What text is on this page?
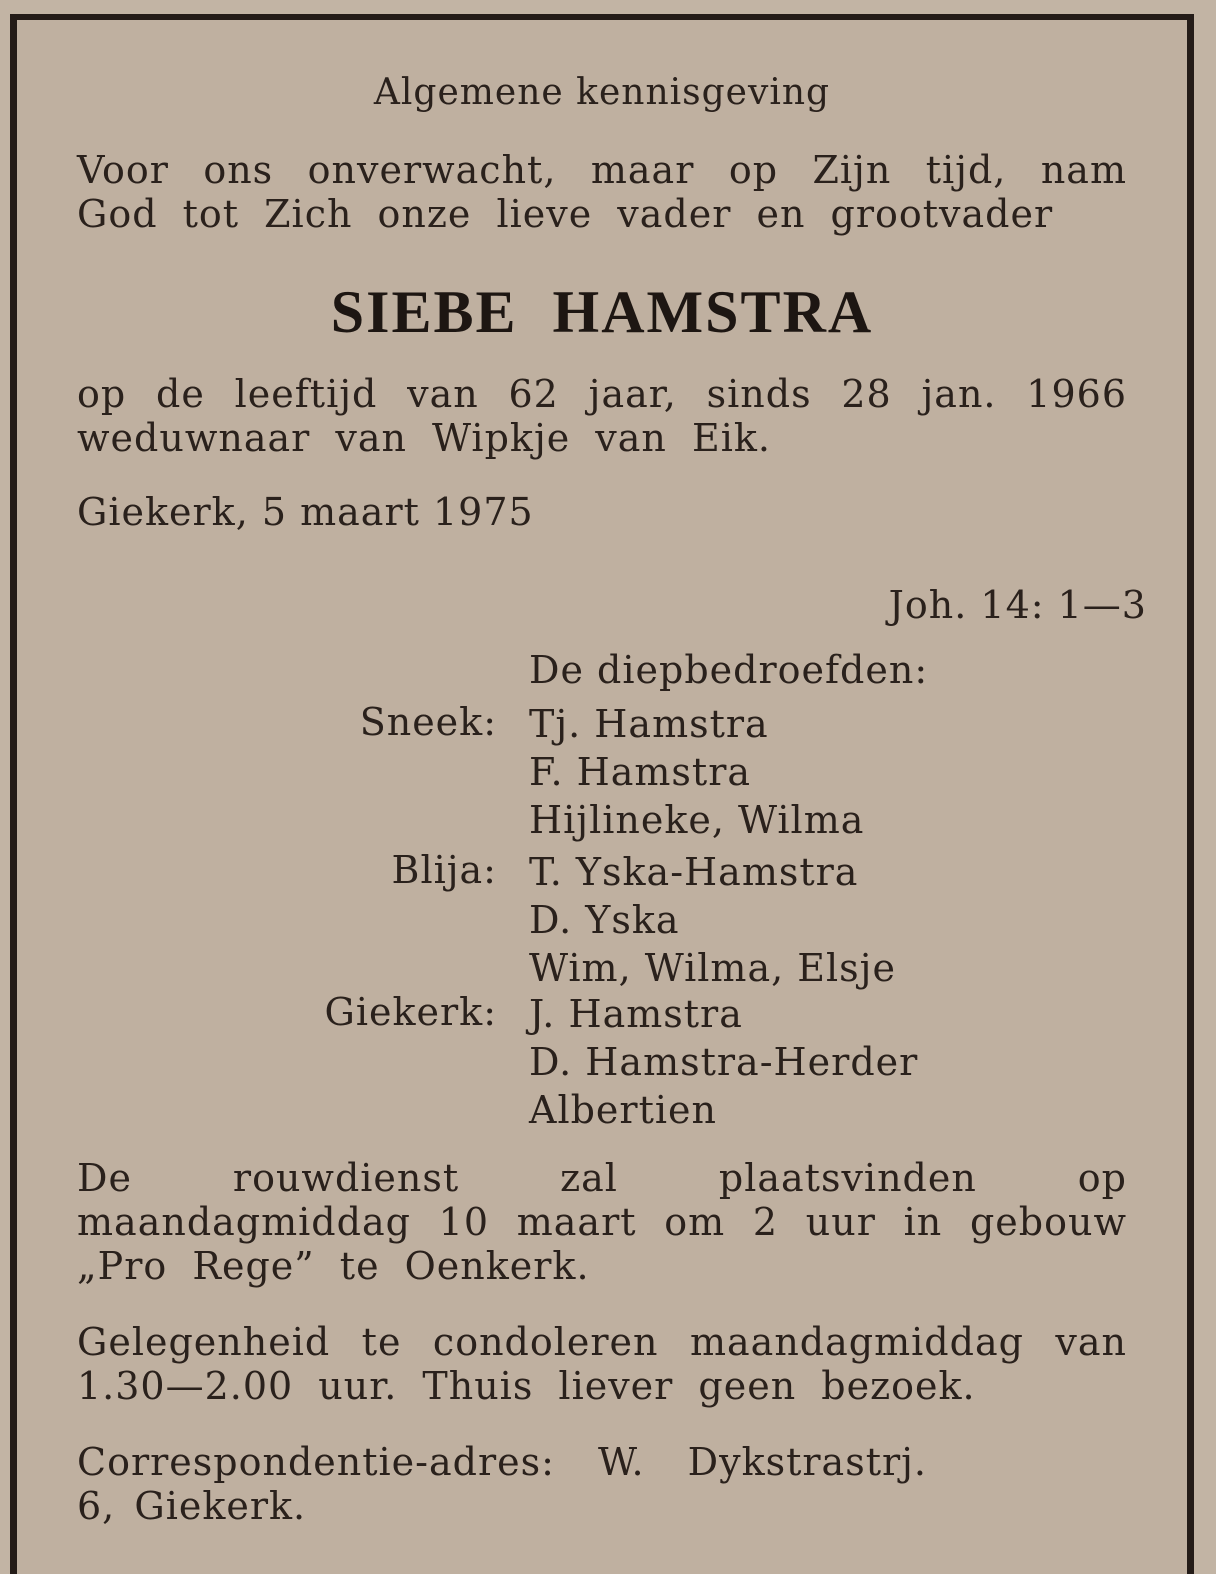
Algemene kennisgeving
Voor ons onverwacht, maar op Zijn tijd, nam God tot Zich onze lieve vader en grootvader
SIEBE HAMSTRA
op de leeftijd van 62 jaar, sinds 28 jan. 1966 weduwnaar van Wipkje van Eik.
Giekerk, 5 maart 1975
Joh. 14: 1—3
De diepbedroefden:
Sneek: Tj. Hamstra
F. Hamstra
Hijlineke, Wilma
Blija: T. Yska-Hamstra
D. Yska
Wim, Wilma, Elsje
Giekerk: J. Hamstra
D. Hamstra-Herder
Albertien
De rouwdienst zal plaatsvinden op maandagmiddag 10 maart om 2 uur in gebouw „Pro Rege” te Oenkerk.
Gelegenheid te condoleren maandagmiddag van 1.30—2.00 uur. Thuis liever geen bezoek.
Correspondentie-adres: W. Dykstrastrj. 6, Giekerk.
